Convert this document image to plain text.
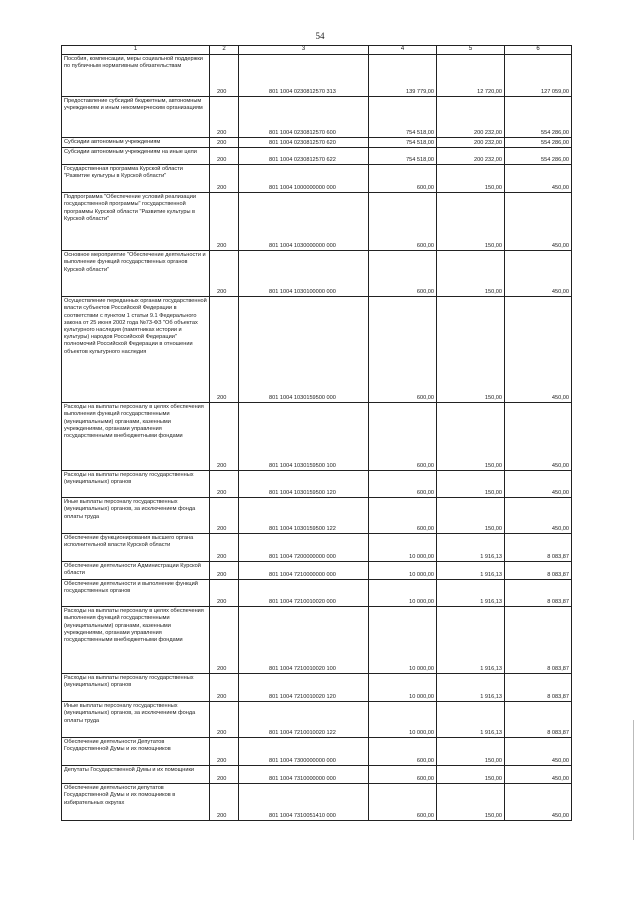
54
1	2	3	4	5	6
Пособия, компенсации, меры социальной поддержки по публичным нормативным обязательствам	200	801 1004 0230812570 313	139 779,00	12 720,00	127 059,00
Предоставление субсидий бюджетным, автономным учреждениям и иным некоммерческим организациям	200	801 1004 0230812570 600	754 518,00	200 232,00	554 286,00
Субсидии автономным учреждениям	200	801 1004 0230812570 620	754 518,00	200 232,00	554 286,00
Субсидии автономным учреждениям на иные цели	200	801 1004 0230812570 622	754 518,00	200 232,00	554 286,00
Государственная программа Курской области "Развитие культуры в Курской области"	200	801 1004 1000000000 000	600,00	150,00	450,00
Подпрограмма "Обеспечение условий реализации государственной программы" государственной программы Курской области "Развитие культуры в Курской области"	200	801 1004 1030000000 000	600,00	150,00	450,00
Основное мероприятие "Обеспечение деятельности и выполнение функций государственных органов Курской области"	200	801 1004 1030100000 000	600,00	150,00	450,00
Осуществление переданных органам государственной власти субъектов Российской Федерации в соответствии с пунктом 1 статьи 9.1 Федерального закона от 25 июня 2002 года №73-ФЗ "Об объектах культурного наследия (памятниках истории и культуры) народов Российской Федерации" полномочий Российской Федерации в отношении объектов культурного наследия	200	801 1004 1030159500 000	600,00	150,00	450,00
Расходы на выплаты персоналу в целях обеспечения выполнения функций государственными (муниципальными) органами, казенными учреждениями, органами управления государственными внебюджетными фондами	200	801 1004 1030159500 100	600,00	150,00	450,00
Расходы на выплаты персоналу государственных (муниципальных) органов	200	801 1004 1030159500 120	600,00	150,00	450,00
Иные выплаты персоналу государственных (муниципальных) органов, за исключением фонда оплаты труда	200	801 1004 1030159500 122	600,00	150,00	450,00
Обеспечение функционирования высшего органа исполнительной власти Курской области	200	801 1004 7200000000 000	10 000,00	1 916,13	8 083,87
Обеспечение деятельности Администрации Курской области	200	801 1004 7210000000 000	10 000,00	1 916,13	8 083,87
Обеспечение деятельности и выполнение функций государственных органов	200	801 1004 7210010020 000	10 000,00	1 916,13	8 083,87
Расходы на выплаты персоналу в целях обеспечения выполнения функций государственными (муниципальными) органами, казенными учреждениями, органами управления государственными внебюджетными фондами	200	801 1004 7210010020 100	10 000,00	1 916,13	8 083,87
Расходы на выплаты персоналу государственных (муниципальных) органов	200	801 1004 7210010020 120	10 000,00	1 916,13	8 083,87
Иные выплаты персоналу государственных (муниципальных) органов, за исключением фонда оплаты труда	200	801 1004 7210010020 122	10 000,00	1 916,13	8 083,87
Обеспечение деятельности Депутатов Государственной Думы и их помощников	200	801 1004 7300000000 000	600,00	150,00	450,00
Депутаты Государственной Думы и их помощники	200	801 1004 7310000000 000	600,00	150,00	450,00
Обеспечение деятельности депутатов Государственной Думы и их помощников в избирательных округах	200	801 1004 7310051410 000	600,00	150,00	450,00
